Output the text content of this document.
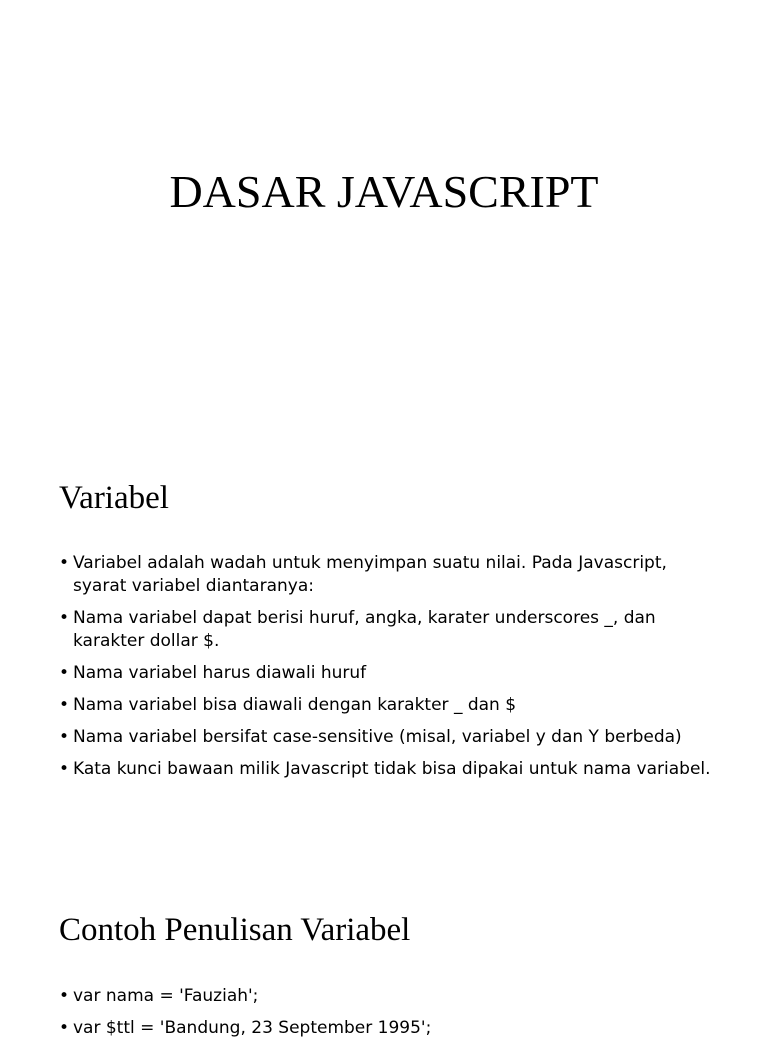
DASAR JAVASCRIPT
Variabel
• Variabel adalah wadah untuk menyimpan suatu nilai. Pada Javascript, syarat variabel diantaranya:
• Nama variabel dapat berisi huruf, angka, karater underscores _, dan karakter dollar $.
• Nama variabel harus diawali huruf
• Nama variabel bisa diawali dengan karakter _ dan $
• Nama variabel bersifat case-sensitive (misal, variabel y dan Y berbeda)
• Kata kunci bawaan milik Javascript tidak bisa dipakai untuk nama variabel.
Contoh Penulisan Variabel
• var nama = 'Fauziah';
• var $ttl = 'Bandung, 23 September 1995';
